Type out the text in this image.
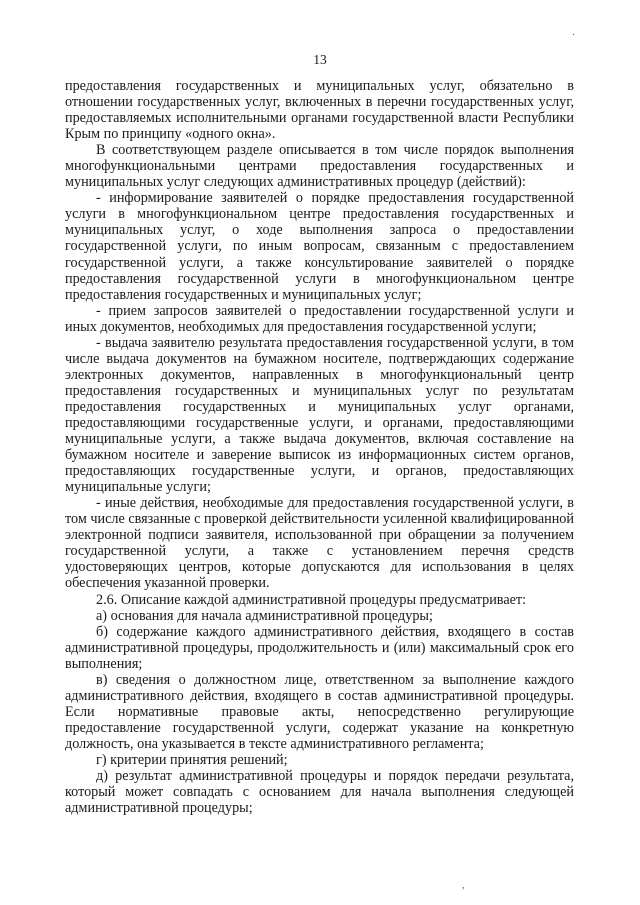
13
·

предоставления государственных и муниципальных услуг, обязательно в отношении государственных услуг, включенных в перечни государственных услуг, предоставляемых исполнительными органами государственной власти Республики Крым по принципу «одного окна».

В соответствующем разделе описывается в том числе порядок выполнения многофункциональными центрами предоставления государственных и муниципальных услуг следующих административных процедур (действий):

- информирование заявителей о порядке предоставления государственной услуги в многофункциональном центре предоставления государственных и муниципальных услуг, о ходе выполнения запроса о предоставлении государственной услуги, по иным вопросам, связанным с предоставлением государственной услуги, а также консультирование заявителей о порядке предоставления государственной услуги в многофункциональном центре предоставления государственных и муниципальных услуг;

- прием запросов заявителей о предоставлении государственной услуги и иных документов, необходимых для предоставления государственной услуги;

- выдача заявителю результата предоставления государственной услуги, в том числе выдача документов на бумажном носителе, подтверждающих содержание электронных документов, направленных в многофункциональный центр предоставления государственных и муниципальных услуг по результатам предоставления государственных и муниципальных услуг органами, предоставляющими государственные услуги, и органами, предоставляющими муниципальные услуги, а также выдача документов, включая составление на бумажном носителе и заверение выписок из информационных систем органов, предоставляющих государственные услуги, и органов, предоставляющих муниципальные услуги;

- иные действия, необходимые для предоставления государственной услуги, в том числе связанные с проверкой действительности усиленной квалифицированной электронной подписи заявителя, использованной при обращении за получением государственной услуги, а также с установлением перечня средств удостоверяющих центров, которые допускаются для использования в целях обеспечения указанной проверки.

2.6. Описание каждой административной процедуры предусматривает:

а) основания для начала административной процедуры;

б) содержание каждого административного действия, входящего в состав административной процедуры, продолжительность и (или) максимальный срок его выполнения;

в) сведения о должностном лице, ответственном за выполнение каждого административного действия, входящего в состав административной процедуры. Если нормативные правовые акты, непосредственно регулирующие предоставление государственной услуги, содержат указание на конкретную должность, она указывается в тексте административного регламента;

г) критерии принятия решений;

д) результат административной процедуры и порядок передачи результата, который может совпадать с основанием для начала выполнения следующей административной процедуры;

,
